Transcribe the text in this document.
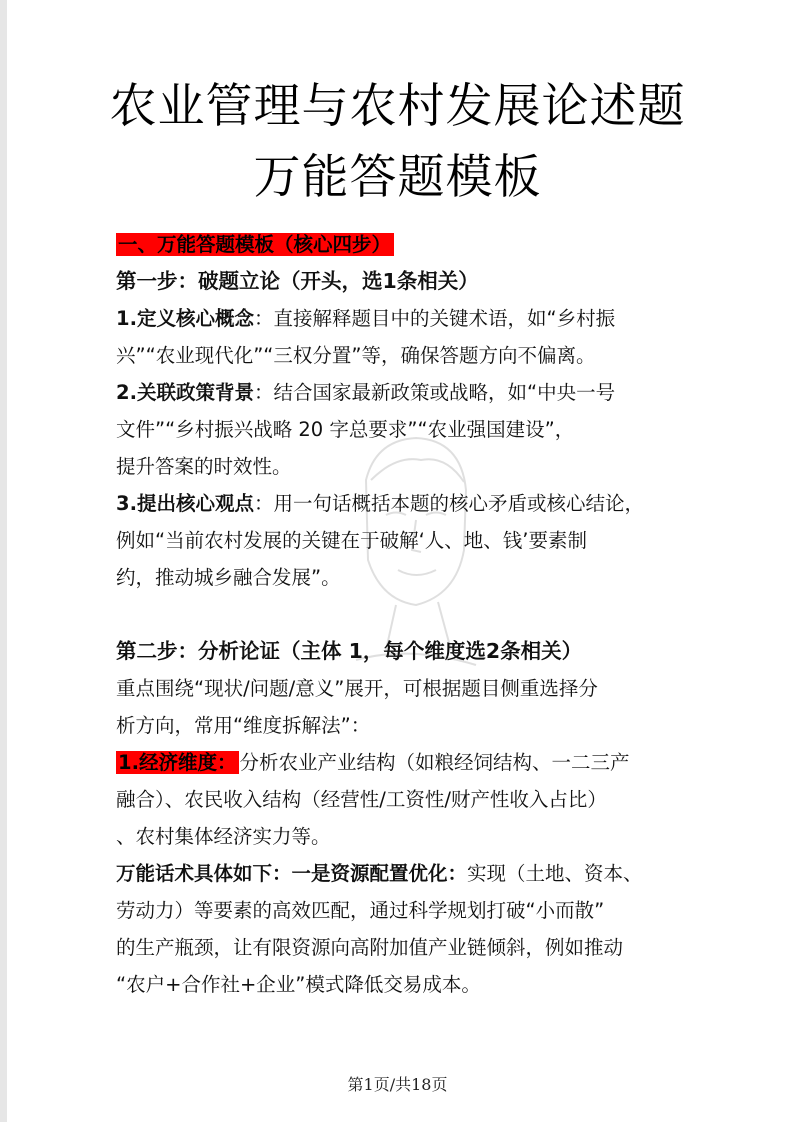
农业管理与农村发展论述题
万能答题模板
一、万能答题模板（核心四步）
第一步：破题立论（开头，选1条相关）
1.定义核心概念：直接解释题目中的关键术语，如“乡村振
兴”“农业现代化”“三权分置”等，确保答题方向不偏离。
2.关联政策背景：结合国家最新政策或战略，如“中央一号
文件”“乡村振兴战略 20 字总要求”“农业强国建设”，
提升答案的时效性。
3.提出核心观点：用一句话概括本题的核心矛盾或核心结论，
例如“当前农村发展的关键在于破解‘人、地、钱’要素制
约，推动城乡融合发展”。
第二步：分析论证（主体 1，每个维度选2条相关）
重点围绕“现状/问题/意义”展开，可根据题目侧重选择分
析方向，常用“维度拆解法”：
1.经济维度： 分析农业产业结构（如粮经饲结构、一二三产
融合）、农民收入结构（经营性/工资性/财产性收入占比）
、农村集体经济实力等。
万能话术具体如下：一是资源配置优化：实现（土地、资本、
劳动力）等要素的高效匹配，通过科学规划打破“小而散”
的生产瓶颈，让有限资源向高附加值产业链倾斜，例如推动
“农户+合作社+企业”模式降低交易成本。
第1页/共18页
